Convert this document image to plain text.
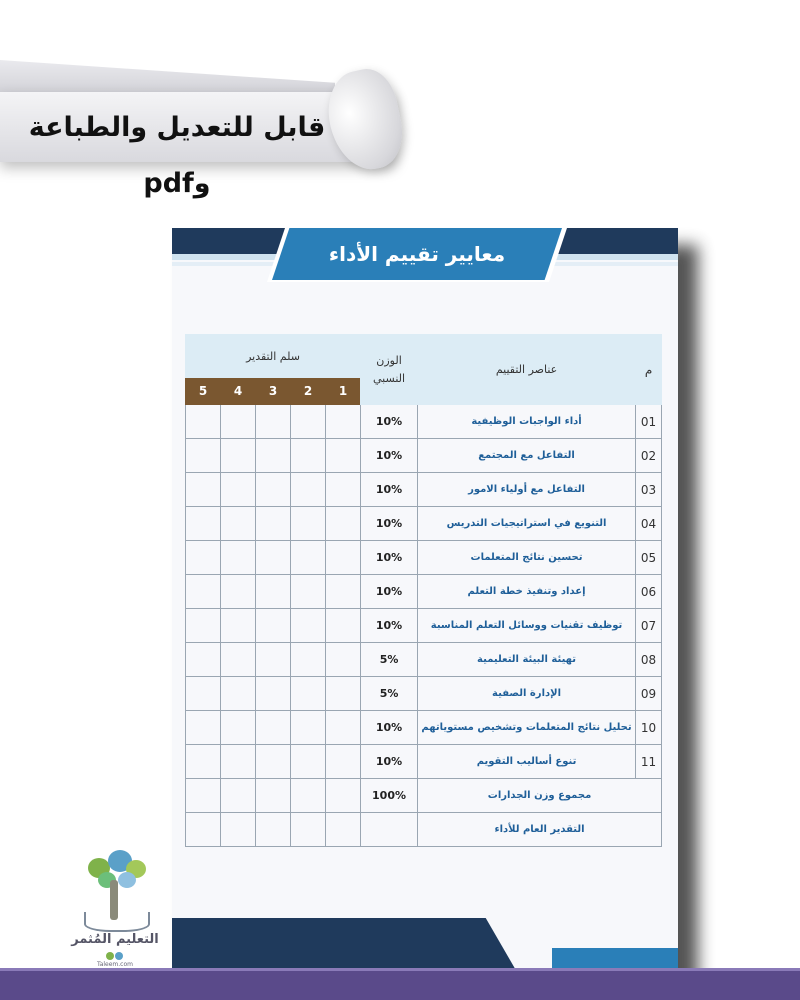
قابل للتعديل والطباعة وpdf
معايير تقييم الأداء
م	عناصر التقييم	الوزن النسبي	سلم التقدير				
			1	2	3	4	5
01	أداء الواجبات الوظيفية	10%					
02	التفاعل مع المجتمع	10%					
03	التفاعل مع أولياء الامور	10%					
04	التنويع في استراتيجيات التدريس	10%					
05	تحسين نتائج المتعلمات	10%					
06	إعداد وتنفيذ خطة التعلم	10%					
07	توظيف تقنيات ووسائل التعلم المناسبة	10%					
08	تهيئة البيئة التعليمية	5%					
09	الإدارة الصفية	5%					
10	تحليل نتائج المتعلمات وتشخيص مستوياتهم	10%					
11	تنوع أساليب التقويم	10%					
مجموع وزن الجدارات		100%					
التقدير العام للأداء							
التعليم المُثمر
Taleem.com
